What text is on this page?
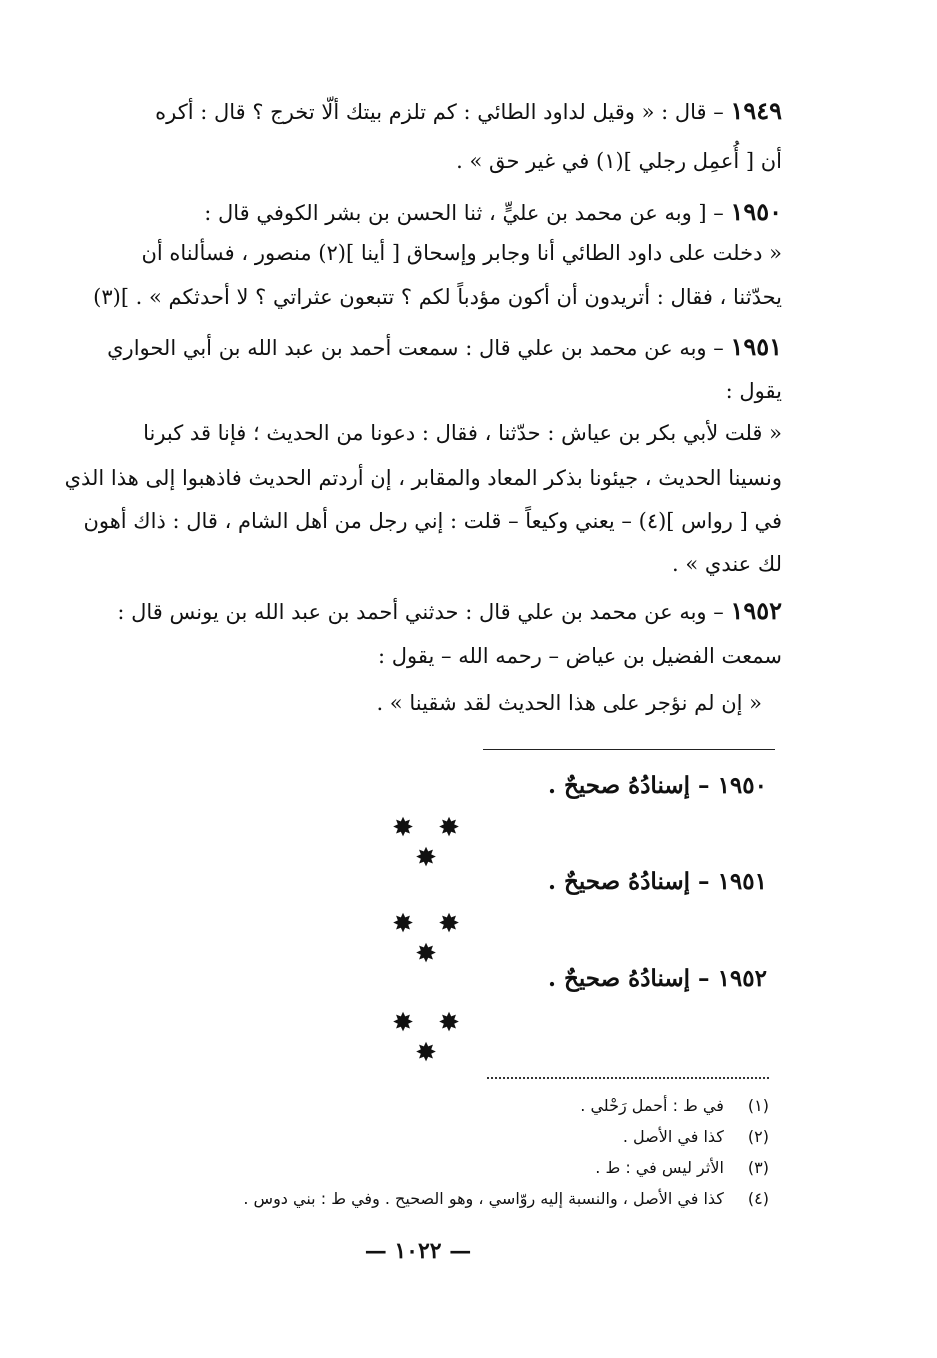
١٩٤٩ – قال : « وقيل لداود الطائي : كم تلزم بيتك ألّا تخرج ؟ قال : أكره
أن [ أُعمِل رجلي ](١) في غير حق » .
١٩٥٠ – [ وبه عن محمد بن عليٍّ ، ثنا الحسن بن بشر الكوفي قال :
« دخلت على داود الطائي أنا وجابر وإسحاق [ أينا ](٢) منصور ، فسألناه أن
يحدّثنا ، فقال : أتريدون أن أكون مؤدباً لكم ؟ تتبعون عثراتي ؟ لا أحدثكم » . ](٣)
١٩٥١ – وبه عن محمد بن علي قال : سمعت أحمد بن عبد الله بن أبي الحواري
يقول :
« قلت لأبي بكر بن عياش : حدّثنا ، فقال : دعونا من الحديث ؛ فإنا قد كبرنا
ونسينا الحديث ، جيئونا بذكر المعاد والمقابر ، إن أردتم الحديث فاذهبوا إلى هذا الذي
في [ رواس ](٤) – يعني وكيعاً – قلت : إني رجل من أهل الشام ، قال : ذاك أهون
لك عندي » .
١٩٥٢ – وبه عن محمد بن علي قال : حدثني أحمد بن عبد الله بن يونس قال :
سمعت الفضيل بن عياض – رحمه الله – يقول :
« إن لم نؤجر على هذا الحديث لقد شقينا » .
١٩٥٠ – إسنادُهُ صحيحٌ .
✸ ✸ ✸
١٩٥١ – إسنادُهُ صحيحٌ .
✸ ✸ ✸
١٩٥٢ – إسنادُهُ صحيحٌ .
✸ ✸ ✸
(١) في ط : أحمل رَحْلي .
(٢) كذا في الأصل .
(٣) الأثر ليس في : ط .
(٤) كذا في الأصل ، والنسبة إليه روّاسي ، وهو الصحيح . وفي ط : بني دوس .
— ١٠٢٢ —
